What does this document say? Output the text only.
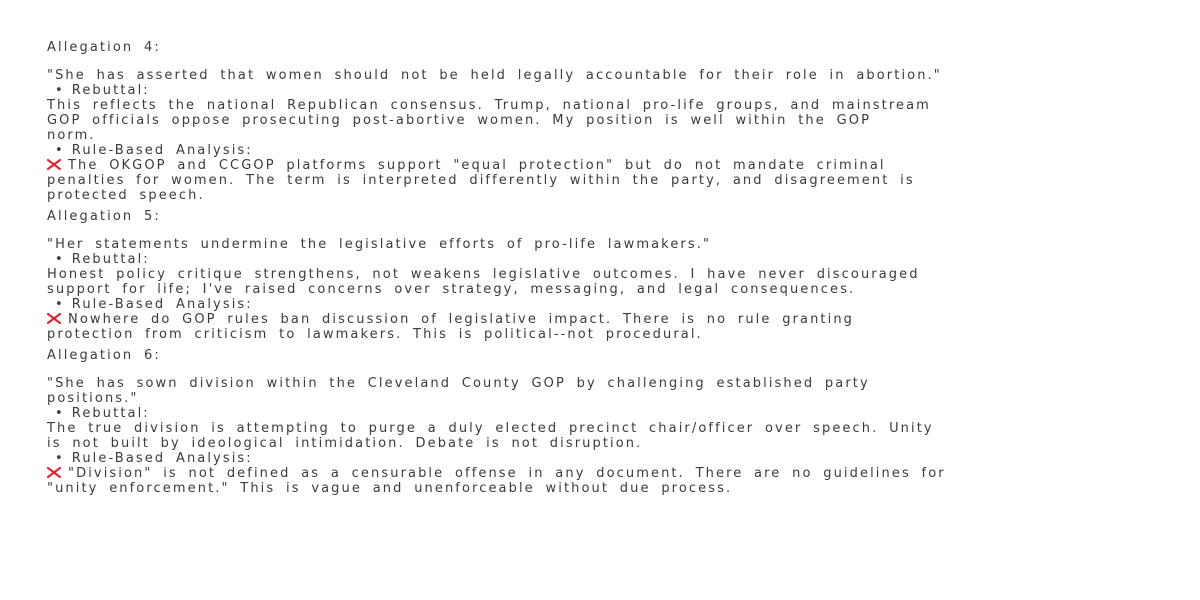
Allegation 4:
"She has asserted that women should not be held legally accountable for their role in abortion."
• Rebuttal:
This reflects the national Republican consensus. Trump, national pro-life groups, and mainstream
GOP officials oppose prosecuting post-abortive women. My position is well within the GOP
norm.
• Rule-Based Analysis:
The OKGOP and CCGOP platforms support "equal protection" but do not mandate criminal
penalties for women. The term is interpreted differently within the party, and disagreement is
protected speech.
Allegation 5:
"Her statements undermine the legislative efforts of pro-life lawmakers."
• Rebuttal:
Honest policy critique strengthens, not weakens legislative outcomes. I have never discouraged
support for life; I've raised concerns over strategy, messaging, and legal consequences.
• Rule-Based Analysis:
Nowhere do GOP rules ban discussion of legislative impact. There is no rule granting
protection from criticism to lawmakers. This is political--not procedural.
Allegation 6:
"She has sown division within the Cleveland County GOP by challenging established party
positions."
• Rebuttal:
The true division is attempting to purge a duly elected precinct chair/officer over speech. Unity
is not built by ideological intimidation. Debate is not disruption.
• Rule-Based Analysis:
"Division" is not defined as a censurable offense in any document. There are no guidelines for
"unity enforcement." This is vague and unenforceable without due process.
